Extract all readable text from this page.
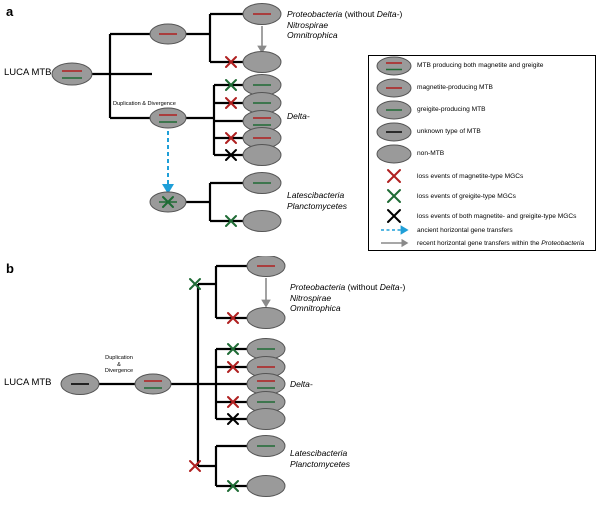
a
LUCA MTB
Duplication & Divergence
Proteobacteria (without Delta-)
Nitrospirae
Omnitrophica
Delta-
Latescibacteria
Planctomycetes
MTB producing both magnetite and greigite
magnetite-producing MTB
greigite-producing MTB
unknown type of MTB
non-MTB
loss events of magnetite-type MGCs
loss events of greigite-type MGCs
loss events of both magnetite- and greigite-type MGCs
ancient horizontal gene transfers
recent horizontal gene transfers within the Proteobacteria
b
LUCA MTB
Duplication
&
Divergence
Proteobacteria (without Delta-)
Nitrospirae
Omnitrophica
Delta-
Latescibacteria
Planctomycetes
